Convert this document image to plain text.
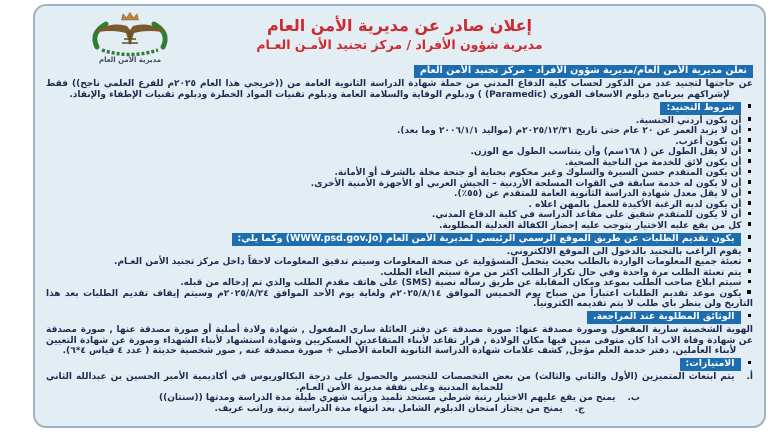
مديرية الأمن العام
إعلان صادر عن مديرية الأمن العام
مديرية شؤون الأفراد / مركز تجنيد الأمـن العـام
تعلن مديرية الأمن العام/مديرية شؤون الأفراد - مركز تجنيد الأمن العام

عن حاجتها لتجنيد عدد من الذكور لحساب كلية الدفاع المدني من حملة شهادة الدراسة الثانوية العامة من ((خريجي هذا العام ٢٠٢٥م للفرع العلمي ناجح)) فقط لإشراكهم ببرنامج دبلوم الاسعاف الفوري (Paramedic) ) ودبلوم الوقاية والسلامة العامة ودبلوم تقنيات المواد الخطرة ودبلوم تقنيات الإطفاء والإنقاذ.

شروط التجنيد:
أن يكون أردني الجنسية.
أن لا يزيد العمر عن ٢٠ عام حتى تاريخ ٢٠٢٥/١٢/٣١م (مواليد ٢٠٠٦/١/١ وما بعد).
ان يكون أعزب.
أن لا يقل الطول عن ( ١٦٨سم) وأن يتناسب الطول مع الوزن.
أن يكون لائق للخدمة من الناحية الصحية.
أن يكون المتقدم حسن السيرة والسلوك وغير محكوم بجناية أو جنحة مخلة بالشرف أو الأمانة.
أن لا يكون له خدمة سابقة في القوات المسلحة الأردنية – الجيش العربي أو الأجهزة الأمنية الأخرى.
أن لا يقل معدل شهادة الدراسة الثانوية العامة للمتقدم عن (٥٥٪).
أن يكون لديه الرغبة الأكيدة للعمل بالمهن اعلاه .
أن لا يكون للمتقدم شقيق على مقاعد الدراسة في كلية الدفاع المدني.
كل من يقع عليه الاختيار يتوجب عليه إحضار الكفالة العدلية المطلوبة.
يكون تقديم الطلبات عن طريق الموقع الرسمي الرئيسي لمديرية الأمن العام (WWW.psd.gov.Jo) وكما يلي:
يقوم الراغب بالتجنيد بالدخول الى الموقع الالكتروني.
تعبئة جميع المعلومات الواردة بالطلب بحيث يتحمل المسؤولية عن صحة المعلومات وسيتم تدقيق المعلومات لاحقاً داخل مركز تجنيد الأمن العـام.
يتم تعبئة الطلب مرة واحدة وفي حال تكرار الطلب اكثر من مرة سيتم الغاء الطلب.
سيتم ابلاغ صاحب الطلب بموعد ومكان المقابلة عن طريق رساله نصية (SMS) على هاتف مقدم الطلب والذي تم إدخاله من قبله.
يكون موعد تقديم الطلبات اعتباراً من صباح يوم الخميس الموافق ٢٠٢٥/٨/١٤م ولغاية يوم الأحد الموافق ٢٠٢٥/٨/٢٤م وسيتم إيقاف تقديم الطلبات بعد هذا التاريخ ولن ينظر باي طلب لا يتم تقديمه الكترونياً.
الوثائق المطلوبة عند المراجعة.

الهوية الشخصية سارية المفعول وصورة مصدقة عنها: صورة مصدقة عن دفتر العائلة ساري المفعول , شهادة ولادة أصلية أو صورة مصدقة عنها , صورة مصدقة عن شهادة وفاة الاب اذا كان متوفى مبين فيها مكان الولادة , قرار تقاعد لأبناء المتقاعدين العسكريين وشهادة استشهاد لأبناء الشهداء وصورة عن شهادة التعيين لأبناء العاملين. دفتر خدمة العلم مؤجل, كشف علامات شهادة الدراسة الثانوية العامة الأصلي + صورة مصدقة عنه , صور شخصية حديثة ( عدد ٤ قياس ٤*٦).

الامتيازات:
أ.يتم ابتعاث المتميزين (الأول والثاني والثالث) من بعض التخصصات للتجسير والحصول على درجة البكالوريوس في أكاديمية الأمير الحسين بن عبدالله الثاني للحماية المدنية وعلى نفقة مديرية الأمن العـام.
ب.يمنح من يقع عليهم الاختيار رتبة شرطي مستجد تلميذ وراتب شهري طيلة مدة الدراسة ومدتها ((سنتان))
ج.يمنح من يجتاز امتحان الدبلوم الشامل بعد انتهاء مدة الدراسة رتبة وراتب عريف.
